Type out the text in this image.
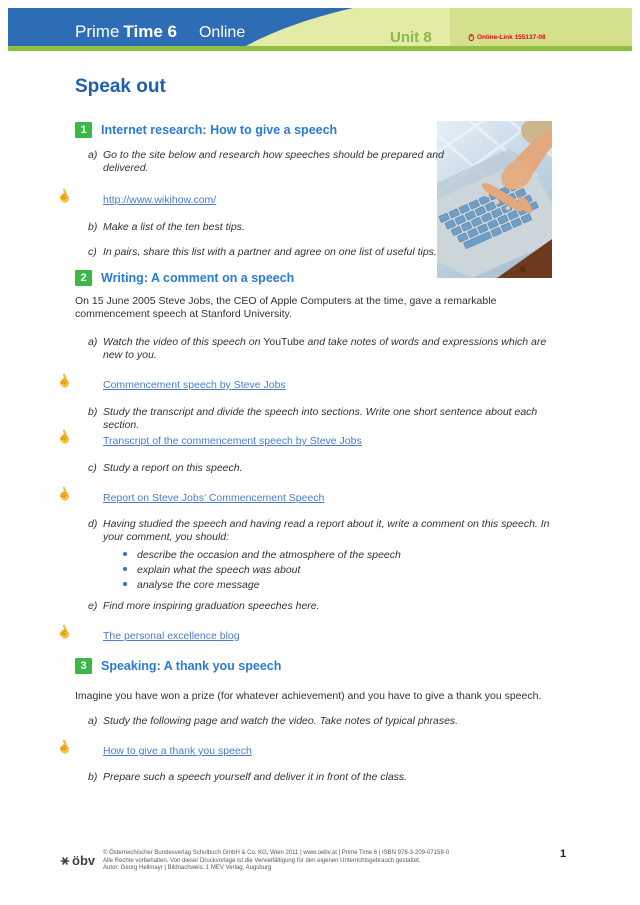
Prime Time 6 Online	Unit 8	Online-Link 155137-08
Speak out
1	Internet research: How to give a speech
a) Go to the site below and research how speeches should be prepared and delivered.
☝	http://www.wikihow.com/
b) Make a list of the ten best tips.
c) In pairs, share this list with a partner and agree on one list of useful tips.
2	Writing: A comment on a speech
On 15 June 2005 Steve Jobs, the CEO of Apple Computers at the time, gave a remarkable commencement speech at Stanford University.
a) Watch the video of this speech on YouTube and take notes of words and expressions which are new to you.
☝	Commencement speech by Steve Jobs
b) Study the transcript and divide the speech into sections. Write one short sentence about each section.
☝	Transcript of the commencement speech by Steve Jobs
c) Study a report on this speech.
☝	Report on Steve Jobs’ Commencement Speech
d) Having studied the speech and having read a report about it, write a comment on this speech. In your comment, you should:
describe the occasion and the atmosphere of the speech
explain what the speech was about
analyse the core message
e) Find more inspiring graduation speeches here.
☝	The personal excellence blog
3	Speaking: A thank you speech
Imagine you have won a prize (for whatever achievement) and you have to give a thank you speech.
a) Study the following page and watch the video. Take notes of typical phrases.
☝	How to give a thank you speech
b) Prepare such a speech yourself and deliver it in front of the class.
öbv © Österreichischer Bundesverlag Schulbuch GmbH & Co. KG, Wien 2011 | www.oebv.at | Prime Time 6 | ISBN 978-3-209-07159-0
Alle Rechte vorbehalten. Von dieser Druckvorlage ist die Vervielfältigung für den eigenen Unterrichtsgebrauch gestattet.
Autor: Georg Hellmayr | Bildnachweis: 1 MEV Verlag, Augsburg
1
